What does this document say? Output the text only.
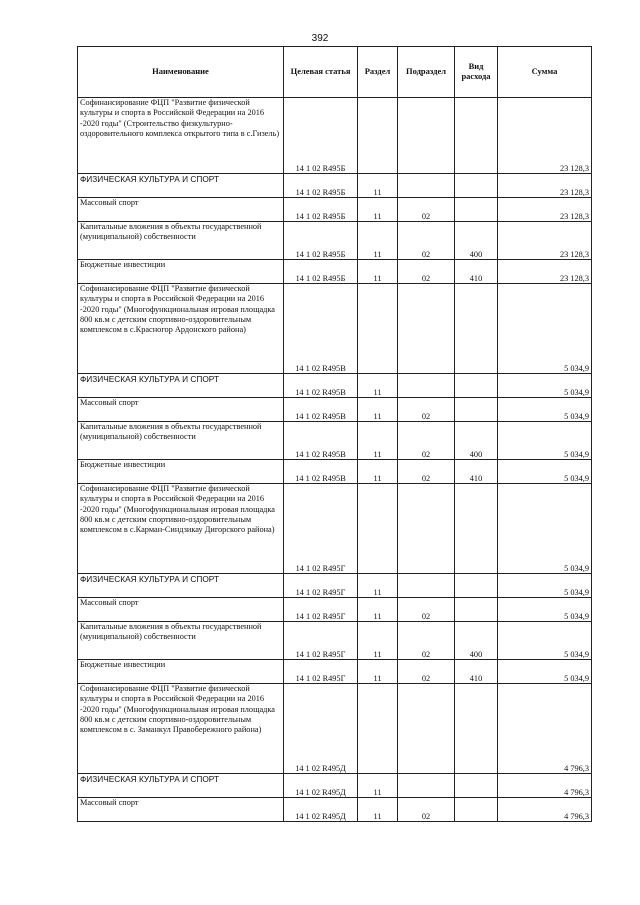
392
Наименование	Целевая статья	Раздел	Подраздел	Вид расхода	Сумма

Софинансирование ФЦП "Развитие физической культуры и спорта в Российской Федерации на 2016 -2020 годы" (Строительство физкультурно-оздоровительного комплекса открытого типа в с.Гизель)	14 1 02 R495Б				23 128,3

ФИЗИЧЕСКАЯ КУЛЬТУРА И СПОРТ	14 1 02 R495Б	11			23 128,3

Массовый спорт	14 1 02 R495Б	11	02		23 128,3

Капитальные вложения в объекты государственной (муниципальной) собственности	14 1 02 R495Б	11	02	400	23 128,3

Бюджетные инвестиции	14 1 02 R495Б	11	02	410	23 128,3

Софинансирование ФЦП "Развитие физической культуры и спорта в Российской Федерации на 2016 -2020 годы" (Многофункциональная игровая площадка 800 кв.м с детским спортивно-оздоровительным комплексом в с.Красногор Ардонского района)	14 1 02 R495В				5 034,9

ФИЗИЧЕСКАЯ КУЛЬТУРА И СПОРТ	14 1 02 R495В	11			5 034,9

Массовый спорт	14 1 02 R495В	11	02		5 034,9

Капитальные вложения в объекты государственной (муниципальной) собственности	14 1 02 R495В	11	02	400	5 034,9

Бюджетные инвестиции	14 1 02 R495В	11	02	410	5 034,9

Софинансирование ФЦП "Развитие физической культуры и спорта в Российской Федерации на 2016 -2020 годы" (Многофункциональная игровая площадка 800 кв.м с детским спортивно-оздоровительным комплексом в с.Карман-Синдзикау Дигорского района)	14 1 02 R495Г				5 034,9

ФИЗИЧЕСКАЯ КУЛЬТУРА И СПОРТ	14 1 02 R495Г	11			5 034,9

Массовый спорт	14 1 02 R495Г	11	02		5 034,9

Капитальные вложения в объекты государственной (муниципальной) собственности	14 1 02 R495Г	11	02	400	5 034,9

Бюджетные инвестиции	14 1 02 R495Г	11	02	410	5 034,9

Софинансирование ФЦП "Развитие физической культуры и спорта в Российской Федерации на 2016 -2020 годы" (Многофункциональная игровая площадка 800 кв.м с детским спортивно-оздоровительным комплексом в с. Заманкул Правобережного района)	14 1 02 R495Д				4 796,3

ФИЗИЧЕСКАЯ КУЛЬТУРА И СПОРТ	14 1 02 R495Д	11			4 796,3

Массовый спорт	14 1 02 R495Д	11	02		4 796,3
